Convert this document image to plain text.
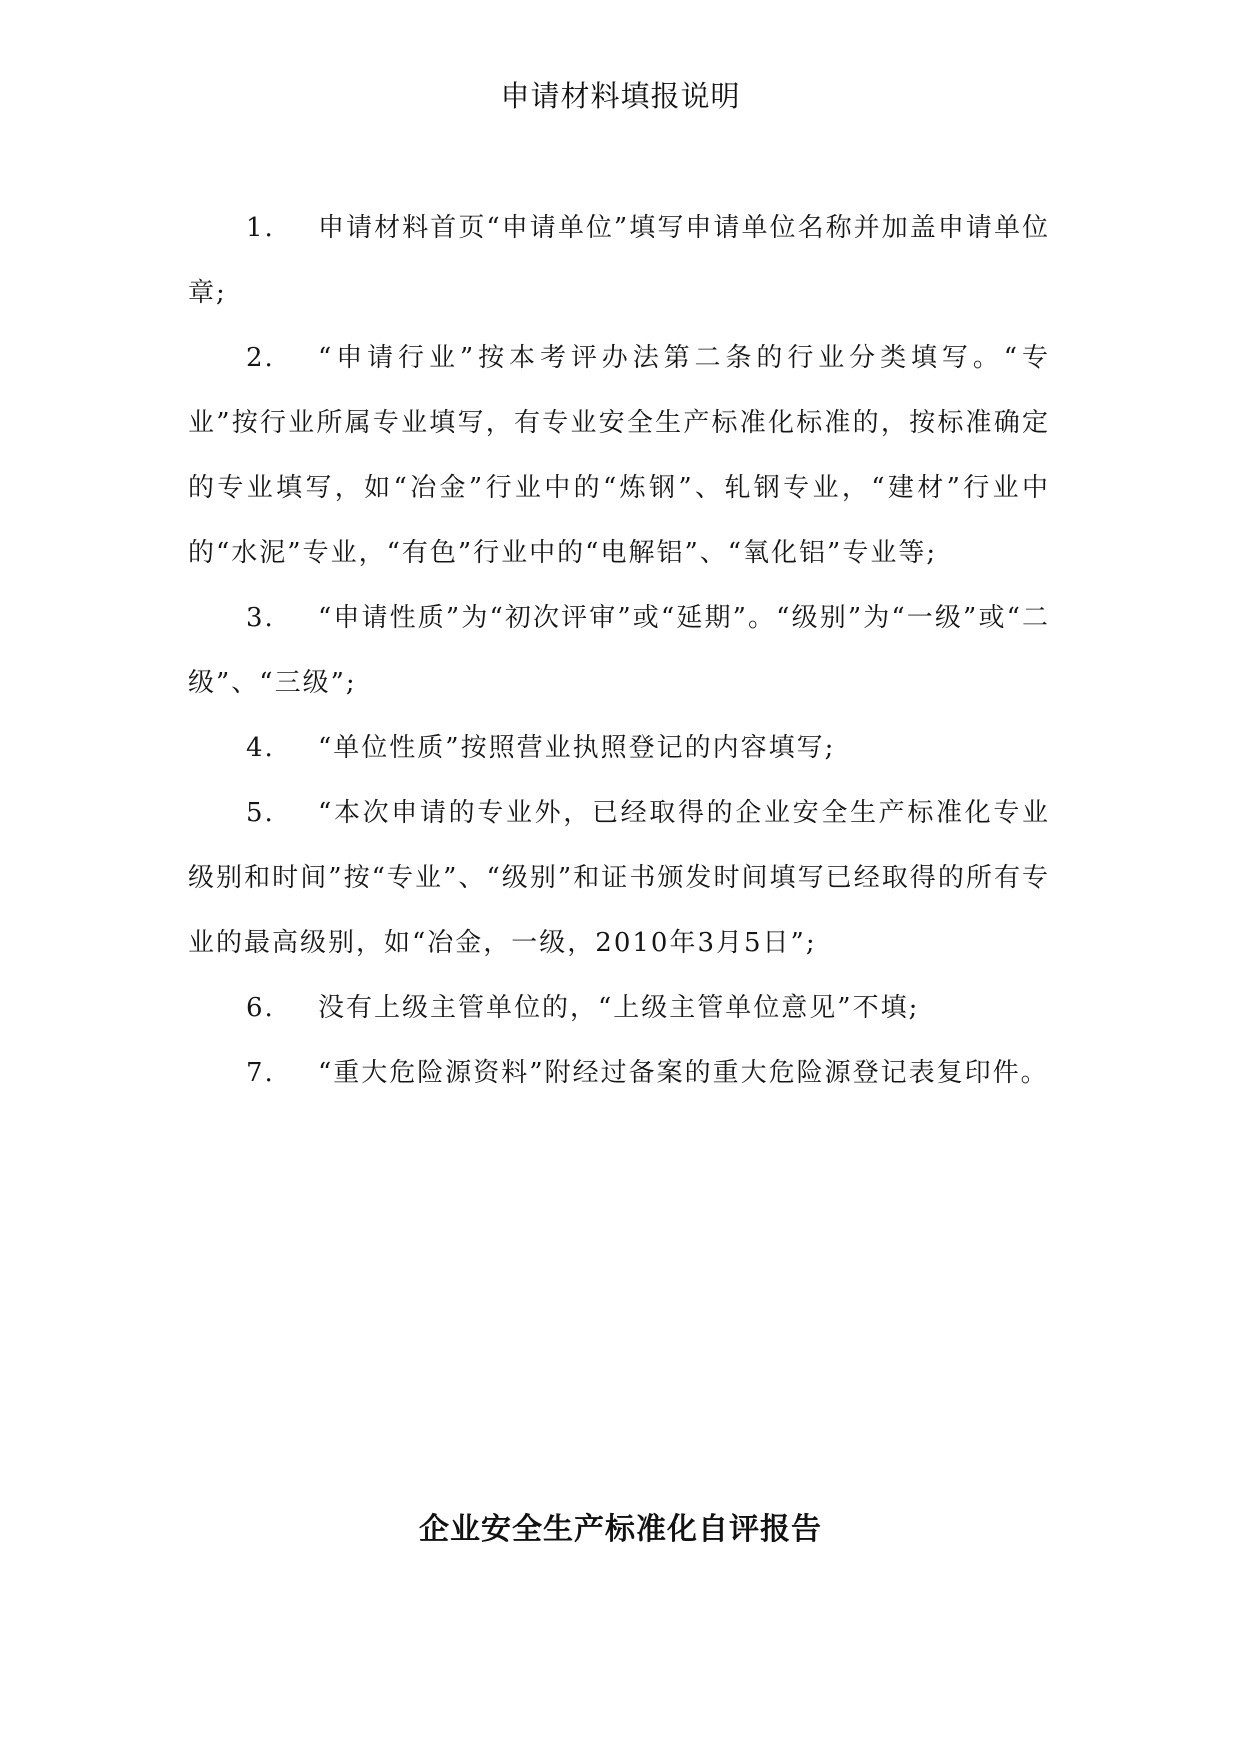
申请材料填报说明

1. 申请材料首页“申请单位”填写申请单位名称并加盖申请单位章;

2. “申请行业”按本考评办法第二条的行业分类填写。“专业”按行业所属专业填写，有专业安全生产标准化标准的，按标准确定的专业填写，如“冶金”行业中的“炼钢”、轧钢专业，“建材”行业中的“水泥”专业，“有色”行业中的“电解铝”、“氧化铝”专业等;

3. “申请性质”为“初次评审”或“延期”。“级别”为“一级”或“二级”、“三级”;

4. “单位性质”按照营业执照登记的内容填写;

5. “本次申请的专业外，已经取得的企业安全生产标准化专业级别和时间”按“专业”、“级别”和证书颁发时间填写已经取得的所有专业的最高级别，如“冶金，一级，2010年3月5日”;

6. 没有上级主管单位的，“上级主管单位意见”不填;

7. “重大危险源资料”附经过备案的重大危险源登记表复印件。

企业安全生产标准化自评报告
